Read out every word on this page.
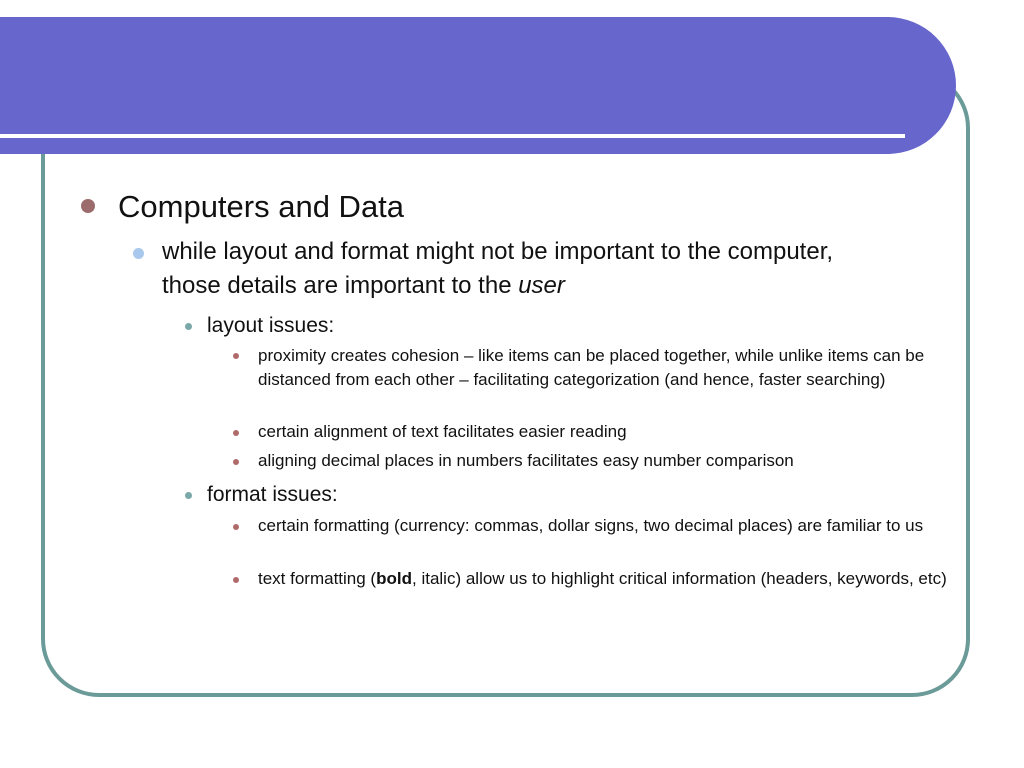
Computers and Data

while layout and format might not be important to the computer, those details are important to the user

layout issues:

proximity creates cohesion – like items can be placed together, while unlike items can be distanced from each other – facilitating categorization (and hence, faster searching)

certain alignment of text facilitates easier reading

aligning decimal places in numbers facilitates easy number comparison

format issues:

certain formatting (currency: commas, dollar signs, two decimal places) are familiar to us

text formatting (bold, italic) allow us to highlight critical information (headers, keywords, etc)
